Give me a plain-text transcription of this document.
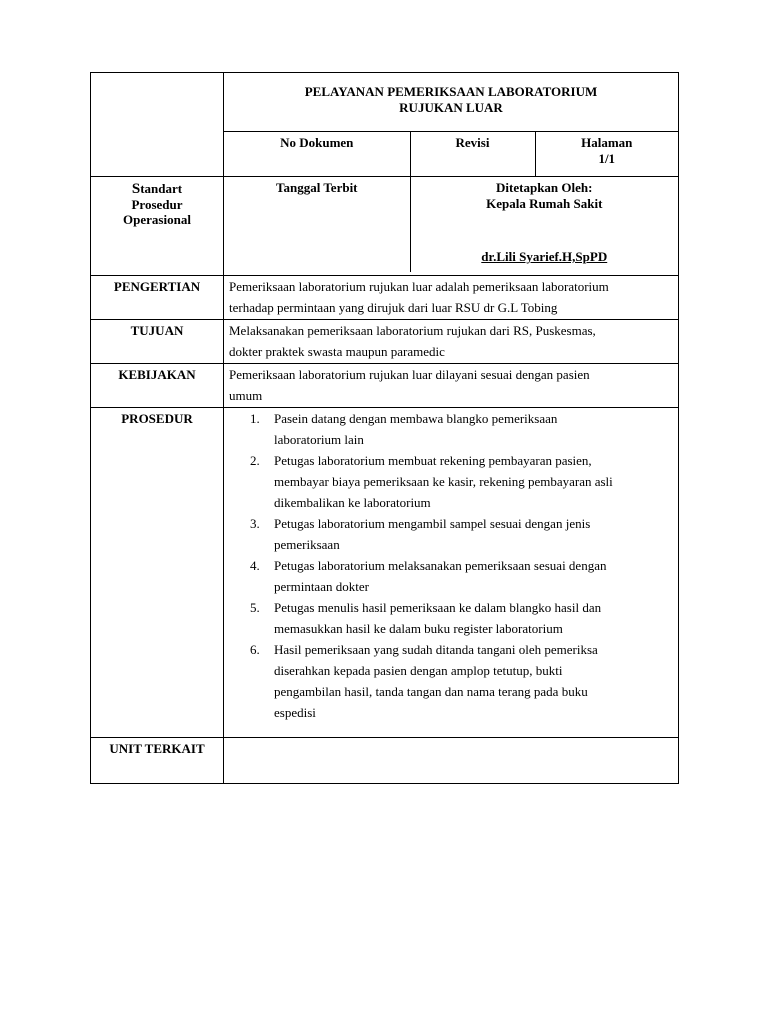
PELAYANAN PEMERIKSAAN LABORATORIUM
RUJUKAN LUAR

No Dokumen	Revisi	Halaman
1/1

Standart
Prosedur
Operasional

Tanggal Terbit	Ditetapkan Oleh:
Kepala Rumah Sakit
dr.Lili Syarief.H,SpPD

PENGERTIAN	Pemeriksaan laboratorium rujukan luar adalah pemeriksaan laboratorium
terhadap permintaan yang dirujuk dari luar RSU dr G.L Tobing

TUJUAN	Melaksanakan pemeriksaan laboratorium rujukan dari RS, Puskesmas,
dokter praktek swasta maupun paramedic

KEBIJAKAN	Pemeriksaan laboratorium rujukan luar dilayani sesuai dengan pasien
umum

PROSEDUR	1. Pasein datang dengan membawa blangko pemeriksaan
laboratorium lain
2. Petugas laboratorium membuat rekening pembayaran pasien,
membayar biaya pemeriksaan ke kasir, rekening pembayaran asli
dikembalikan ke laboratorium
3. Petugas laboratorium mengambil sampel sesuai dengan jenis
pemeriksaan
4. Petugas laboratorium melaksanakan pemeriksaan sesuai dengan
permintaan dokter
5. Petugas menulis hasil pemeriksaan ke dalam blangko hasil dan
memasukkan hasil ke dalam buku register laboratorium
6. Hasil pemeriksaan yang sudah ditanda tangani oleh pemeriksa
diserahkan kepada pasien dengan amplop tetutup, bukti
pengambilan hasil, tanda tangan dan nama terang pada buku
espedisi

UNIT TERKAIT	
